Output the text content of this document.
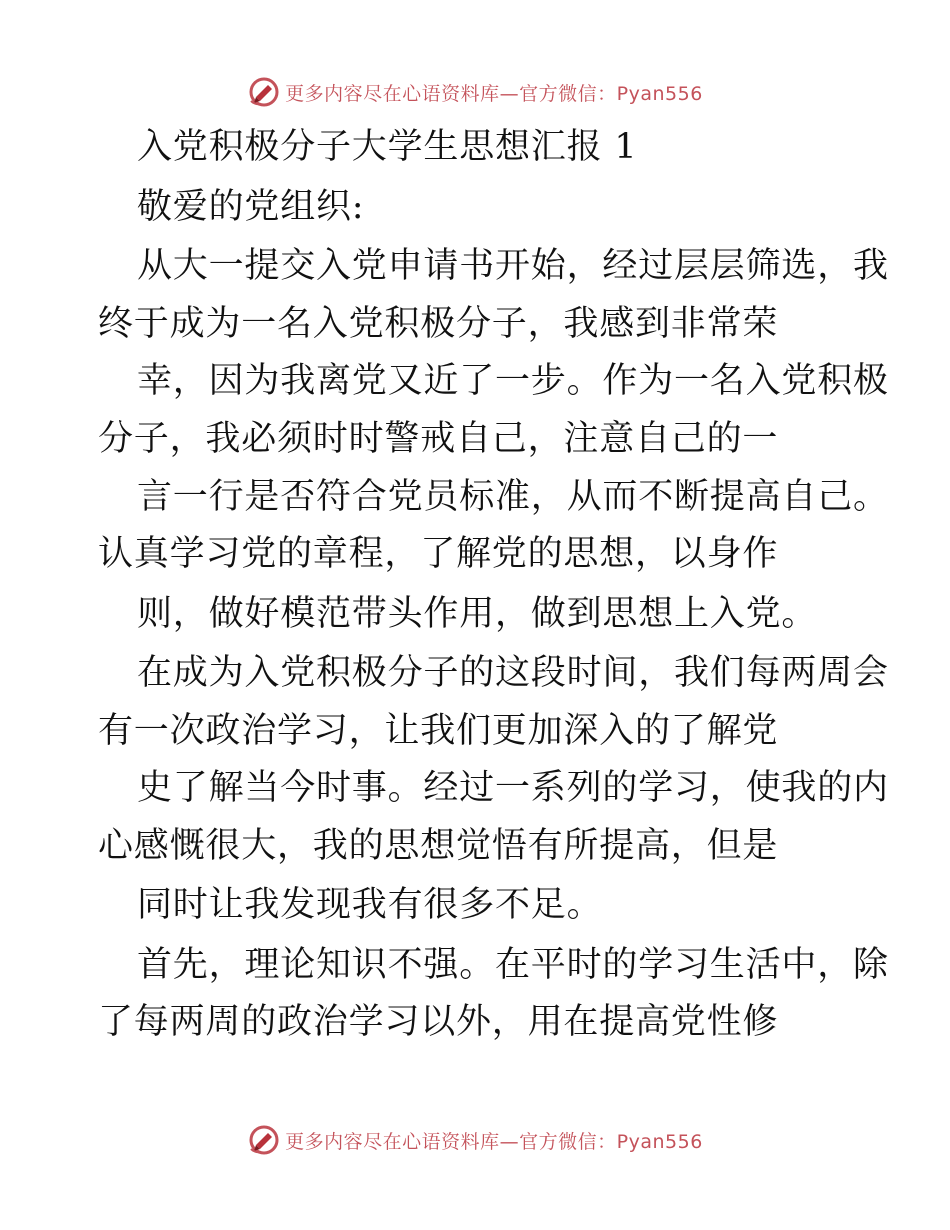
更多内容尽在心语资料库—官方微信：Pyan556
入党积极分子大学生思想汇报 1
敬爱的党组织:
从大一提交入党申请书开始，经过层层筛选，我
终于成为一名入党积极分子，我感到非常荣
幸，因为我离党又近了一步。作为一名入党积极
分子，我必须时时警戒自己，注意自己的一
言一行是否符合党员标准，从而不断提高自己。
认真学习党的章程，了解党的思想，以身作
则，做好模范带头作用，做到思想上入党。
在成为入党积极分子的这段时间，我们每两周会
有一次政治学习，让我们更加深入的了解党
史了解当今时事。经过一系列的学习，使我的内
心感慨很大，我的思想觉悟有所提高，但是
同时让我发现我有很多不足。
首先，理论知识不强。在平时的学习生活中，除
了每两周的政治学习以外，用在提高党性修
更多内容尽在心语资料库—官方微信：Pyan556
